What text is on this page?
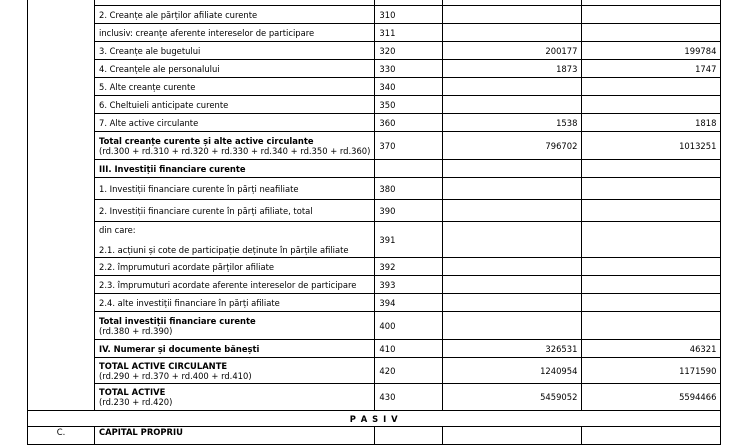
	2. Creanțe ale părților afiliate curente	310		
	inclusiv: creanțe aferente intereselor de participare	311		
	3. Creanțe ale bugetului	320	200177	199784
	4. Creanțele ale personalului	330	1873	1747
	5. Alte creanțe curente	340		
	6. Cheltuieli anticipate curente	350		
	7. Alte active circulante	360	1538	1818
	Total creanțe curente și alte active circulante
(rd.300 + rd.310 + rd.320 + rd.330 + rd.340 + rd.350 + rd.360)	370	796702	1013251
	III. Investiții financiare curente			
	1. Investiții financiare curente în părți neafiliate	380		
	2. Investiții financiare curente în părți afiliate, total	390		

	din care:
2.1. acțiuni și cote de participație deținute în părțile afiliate	391		
	2.2. împrumuturi acordate părților afiliate	392		
	2.3. împrumuturi acordate aferente intereselor de participare	393		
	2.4. alte investiții financiare în părți afiliate	394		
	Total investiții financiare curente
(rd.380 + rd.390)	400		
	IV. Numerar și documente bănești	410	326531	46321
	TOTAL ACTIVE CIRCULANTE
(rd.290 + rd.370 + rd.400 + rd.410)	420	1240954	1171590
	TOTAL ACTIVE
(rd.230 + rd.420)	430	5459052	5594466
P A S I V				
C.	CAPITAL PROPRIU			
